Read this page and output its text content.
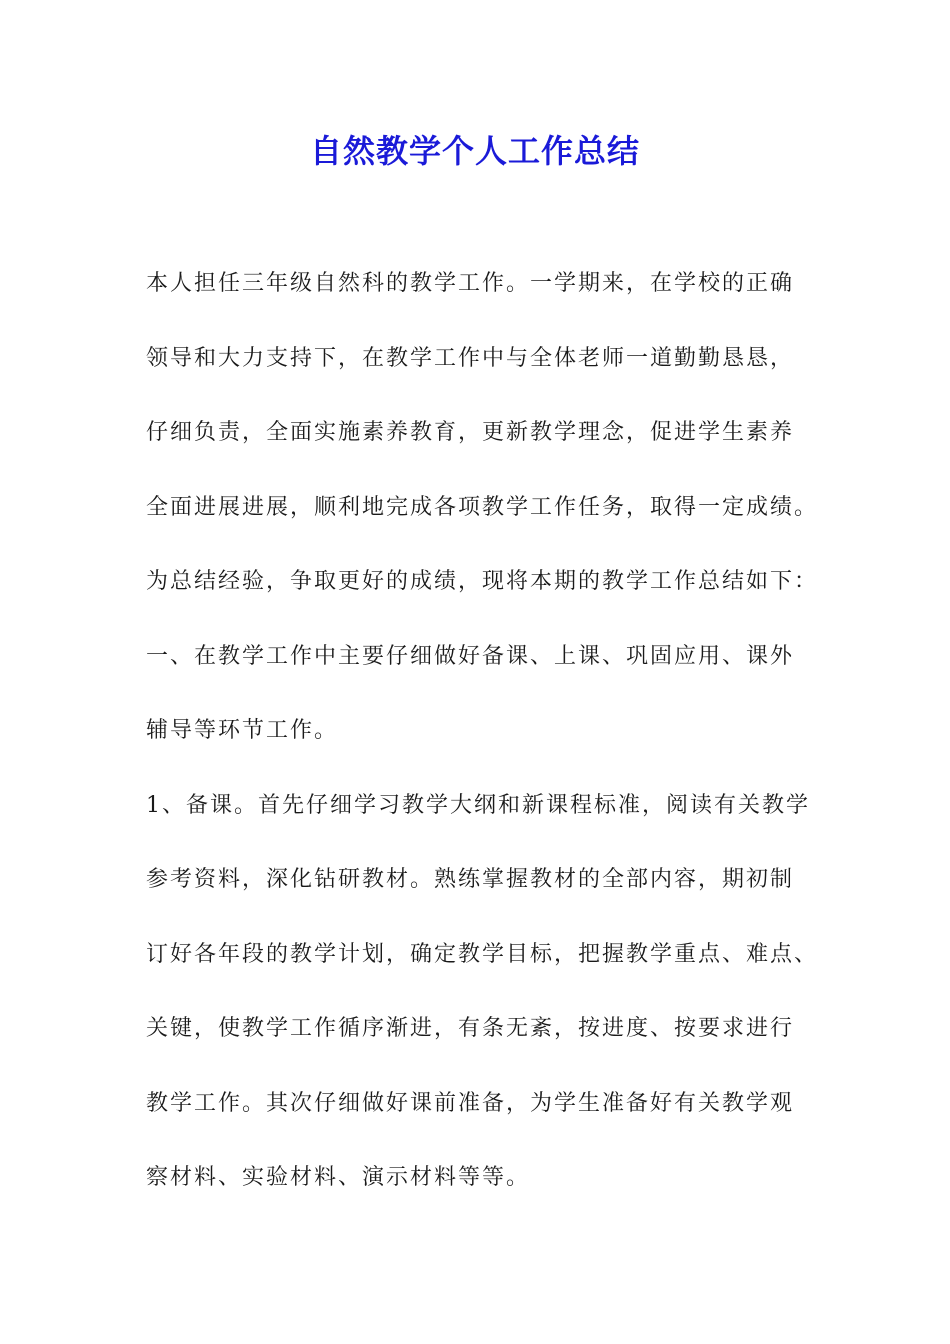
自然教学个人工作总结
本人担任三年级自然科的教学工作。一学期来，在学校的正确
领导和大力支持下，在教学工作中与全体老师一道勤勤恳恳，
仔细负责，全面实施素养教育，更新教学理念，促进学生素养
全面进展进展，顺利地完成各项教学工作任务，取得一定成绩。
为总结经验，争取更好的成绩，现将本期的教学工作总结如下：
一、在教学工作中主要仔细做好备课、上课、巩固应用、课外
辅导等环节工作。
1、备课。首先仔细学习教学大纲和新课程标准，阅读有关教学
参考资料，深化钻研教材。熟练掌握教材的全部内容，期初制
订好各年段的教学计划，确定教学目标，把握教学重点、难点、
关键，使教学工作循序渐进，有条无紊，按进度、按要求进行
教学工作。其次仔细做好课前准备，为学生准备好有关教学观
察材料、实验材料、演示材料等等。
